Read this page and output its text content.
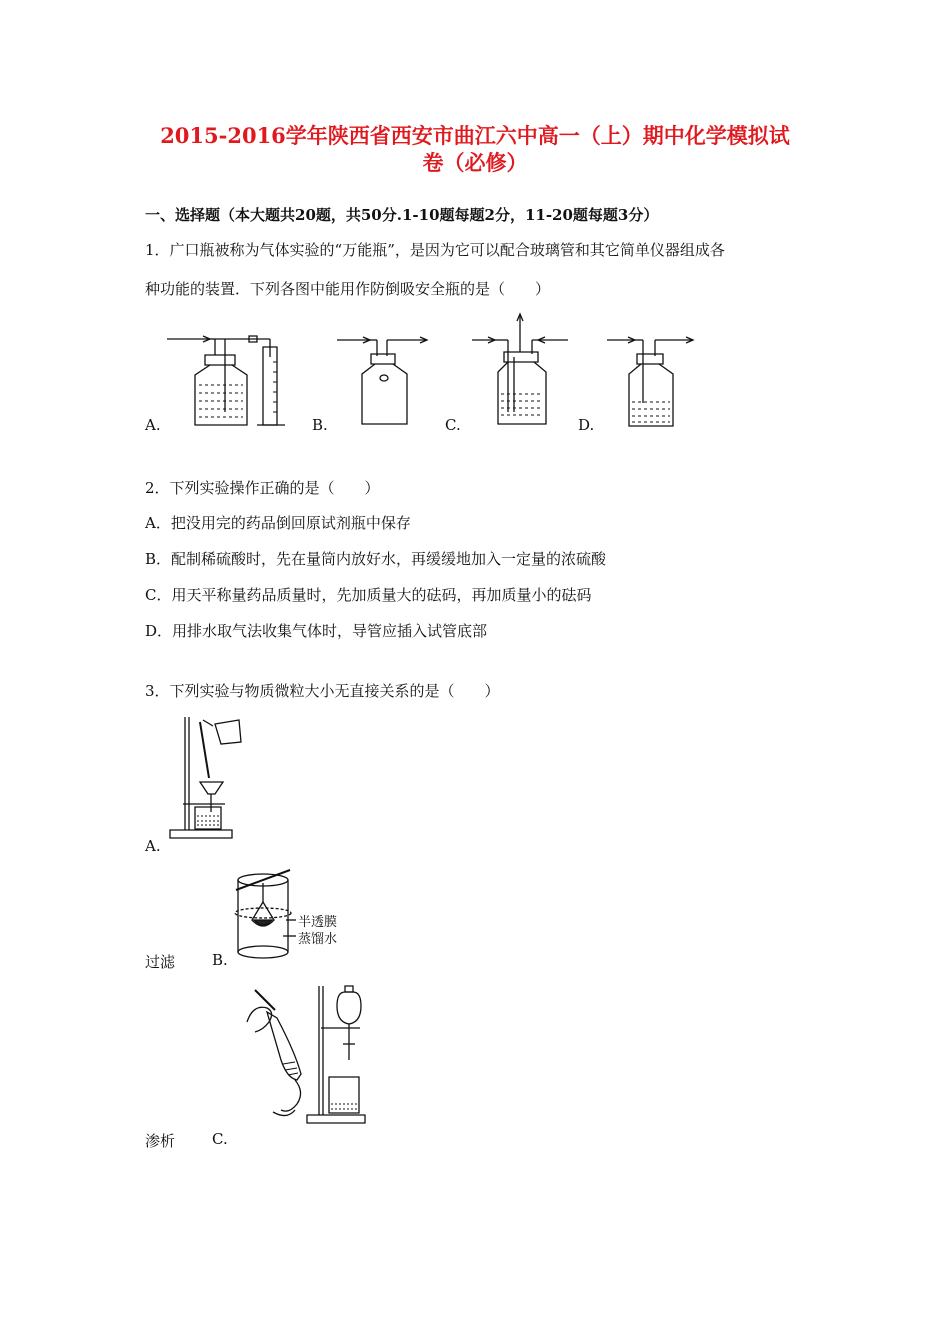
2015-2016学年陕西省西安市曲江六中高一（上）期中化学模拟试
卷（必修）
一、选择题（本大题共20题，共50分.1-10题每题2分，11-20题每题3分）
1．广口瓶被称为气体实验的“万能瓶”，是因为它可以配合玻璃管和其它简单仪器组成各
种功能的装置．下列各图中能用作防倒吸安全瓶的是（　　）
A.	B.	C.	D.
2．下列实验操作正确的是（　　）
A．把没用完的药品倒回原试剂瓶中保存
B．配制稀硫酸时，先在量筒内放好水，再缓缓地加入一定量的浓硫酸
C．用天平称量药品质量时，先加质量大的砝码，再加质量小的砝码
D．用排水取气法收集气体时，导管应插入试管底部
3．下列实验与物质微粒大小无直接关系的是（　　）
A.
半透膜
蒸馏水
过滤 B.
渗析 C.
